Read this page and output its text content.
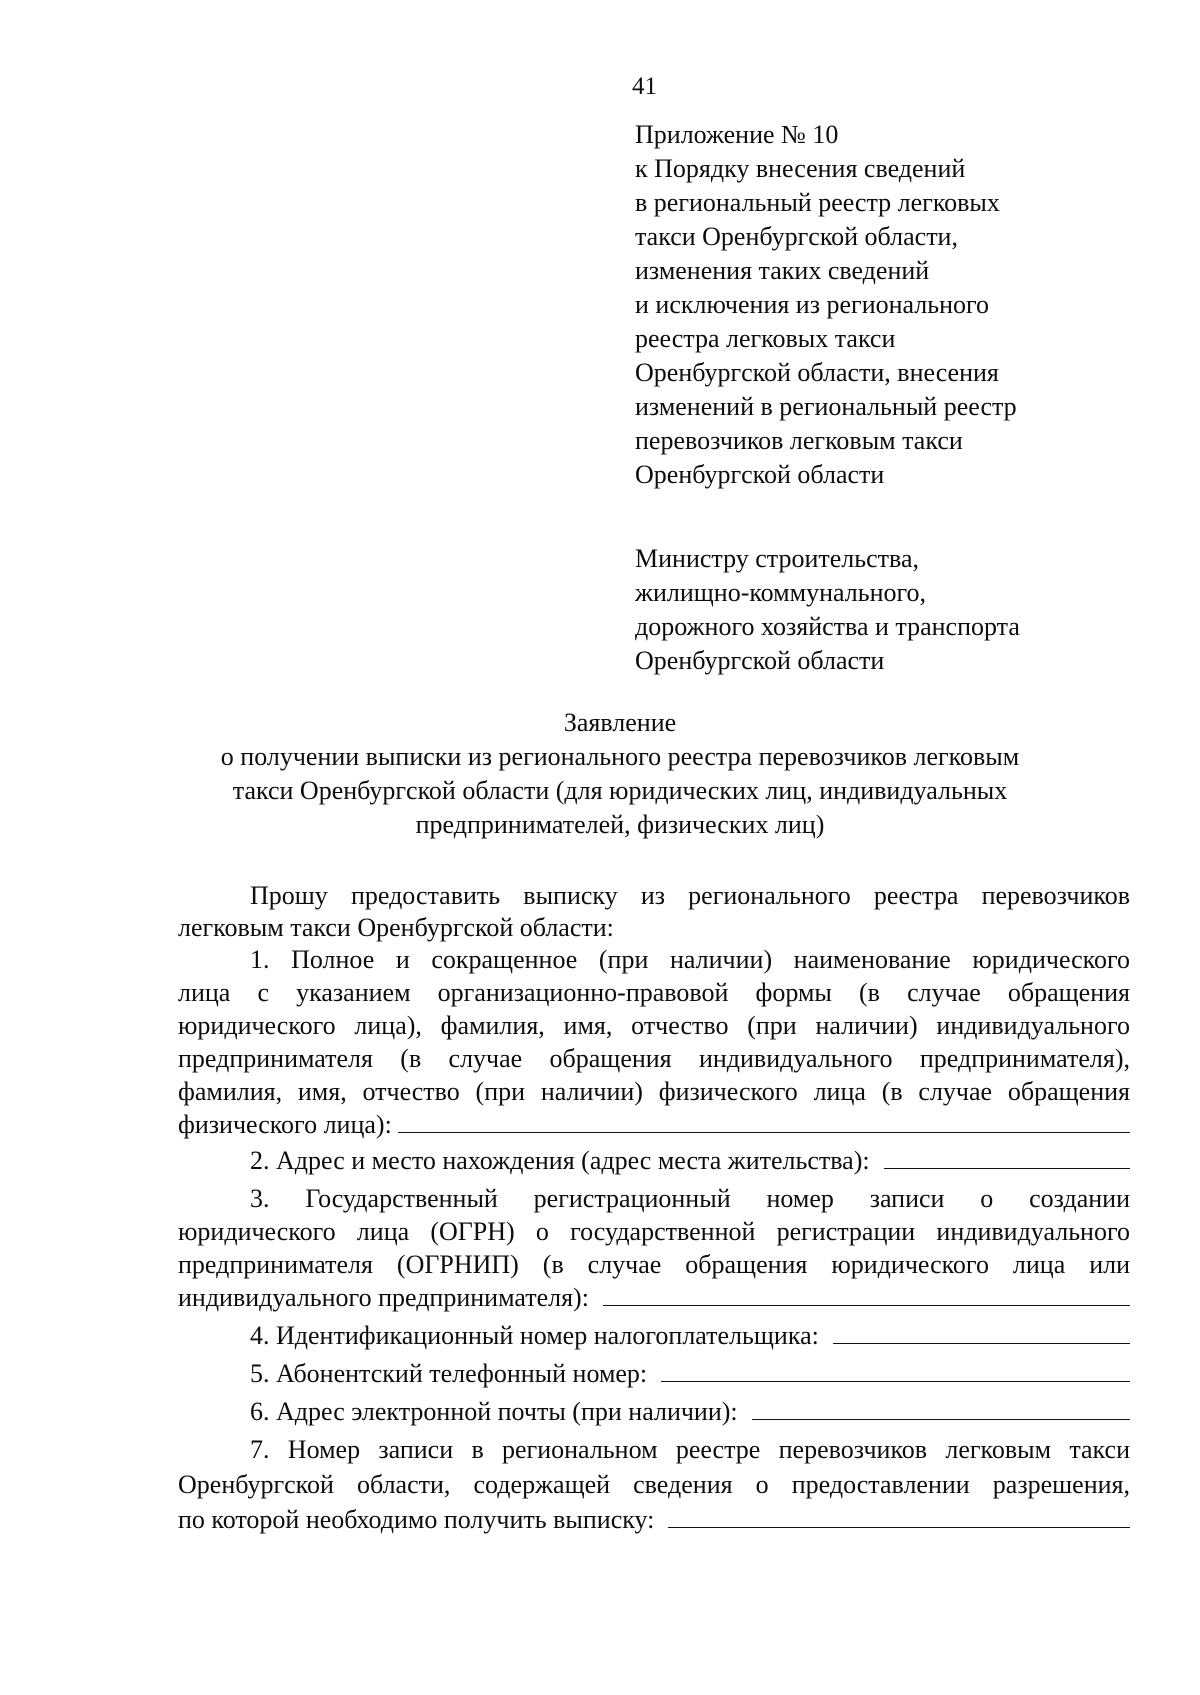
41
Приложение № 10
к Порядку внесения сведений
в региональный реестр легковых
такси Оренбургской области,
изменения таких сведений
и исключения из регионального
реестра легковых такси
Оренбургской области, внесения
изменений в региональный реестр
перевозчиков легковым такси
Оренбургской области
Министру строительства,
жилищно-коммунального,
дорожного хозяйства и транспорта
Оренбургской области
Заявление
о получении выписки из регионального реестра перевозчиков легковым
такси Оренбургской области (для юридических лиц, индивидуальных
предпринимателей, физических лиц)
Прошу предоставить выписку из регионального реестра перевозчиков
легковым такси Оренбургской области:
1. Полное и сокращенное (при наличии) наименование юридического
лица с указанием организационно-правовой формы (в случае обращения
юридического лица), фамилия, имя, отчество (при наличии) индивидуального
предпринимателя (в случае обращения индивидуального предпринимателя),
фамилия, имя, отчество (при наличии) физического лица (в случае обращения
физического лица):
2. Адрес и место нахождения (адрес места жительства):
3. Государственный регистрационный номер записи о создании
юридического лица (ОГРН) о государственной регистрации индивидуального
предпринимателя (ОГРНИП) (в случае обращения юридического лица или
индивидуального предпринимателя):
4. Идентификационный номер налогоплательщика:
5. Абонентский телефонный номер:
6. Адрес электронной почты (при наличии):
7. Номер записи в региональном реестре перевозчиков легковым такси
Оренбургской области, содержащей сведения о предоставлении разрешения,
по которой необходимо получить выписку:
